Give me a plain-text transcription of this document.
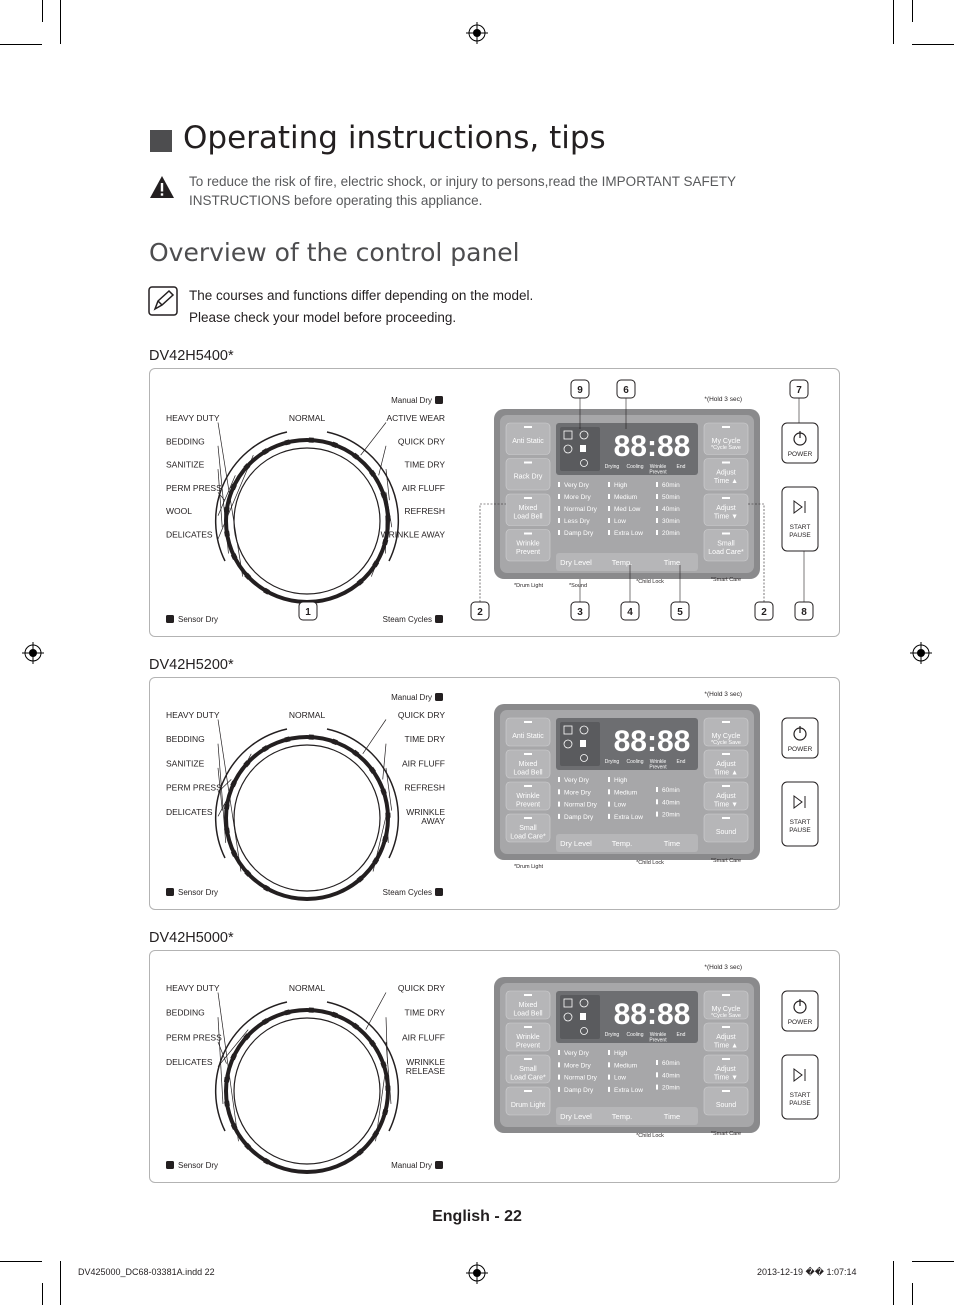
Operating instructions, tips
To reduce the risk of fire, electric shock, or injury to persons,read the IMPORTANT SAFETY INSTRUCTIONS before operating this appliance.
Overview of the control panel
The courses and functions differ depending on the model.
Please check your model before proceeding.
DV42H5400*
NORMAL
HEAVY DUTY
BEDDING
SANITIZE
PERM PRESS
WOOL
DELICATES
ACTIVE WEAR
QUICK DRY
TIME DRY
AIR FLUFF
REFRESH
WRINKLE AWAY
Manual Dry
Sensor Dry	Steam Cycles
*(Hold 3 sec)
Anti Static
Rack Dry
Mixed
Load Bell
Wrinkle
Prevent
My Cycle
*Cycle Save
Adjust
Time ▲
Adjust
Time ▼
Small
Load Care*
88:88
Drying Cooling Wrinkle
Prevent
End
Very Dry
More Dry
Normal Dry
Less Dry
Damp Dry
High
Medium
Med Low
Low
Extra Low
60min
50min
40min
30min
20min
Dry Level	Temp.	Time
*Drum Light	*Sound
*Child Lock	*Smart Care
POWER
START
PAUSE
9	6	7
1	2	3	4	5	2	8
DV42H5200*
NORMAL
HEAVY DUTY
BEDDING
SANITIZE
PERM PRESS
DELICATES
QUICK DRY
TIME DRY
AIR FLUFF
REFRESH
WRINKLE
AWAY
Manual Dry
Sensor Dry	Steam Cycles
*(Hold 3 sec)
Anti Static
Mixed
Load Bell
Wrinkle
Prevent
Small
Load Care*
My Cycle
*Cycle Save
Adjust
Time ▲
Adjust
Time ▼
Sound
88:88
Drying Cooling Wrinkle
Prevent
End
Very Dry
More Dry
Normal Dry
Damp Dry
High
Medium
Low
Extra Low
60min
40min
20min
Dry Level	Temp.	Time
*Drum Light
*Child Lock	*Smart Care
POWER
START
PAUSE
DV42H5000*
NORMAL
HEAVY DUTY
BEDDING
PERM PRESS
DELICATES
QUICK DRY
TIME DRY
AIR FLUFF
WRINKLE
RELEASE
Sensor Dry	Manual Dry
*(Hold 3 sec)
Mixed
Load Bell
Wrinkle
Prevent
Small
Load Care*
Drum Light
My Cycle
*Cycle Save
Adjust
Time ▲
Adjust
Time ▼
Sound
88:88
Drying Cooling Wrinkle
Prevent
End
Very Dry
More Dry
Normal Dry
Damp Dry
High
Medium
Low
Extra Low
60min
40min
20min
Dry Level	Temp.	Time
*Child Lock	*Smart Care
POWER
START
PAUSE
English - 22
DV425000_DC68-03381A.indd 22	2013-12-19 �� 1:07:14
